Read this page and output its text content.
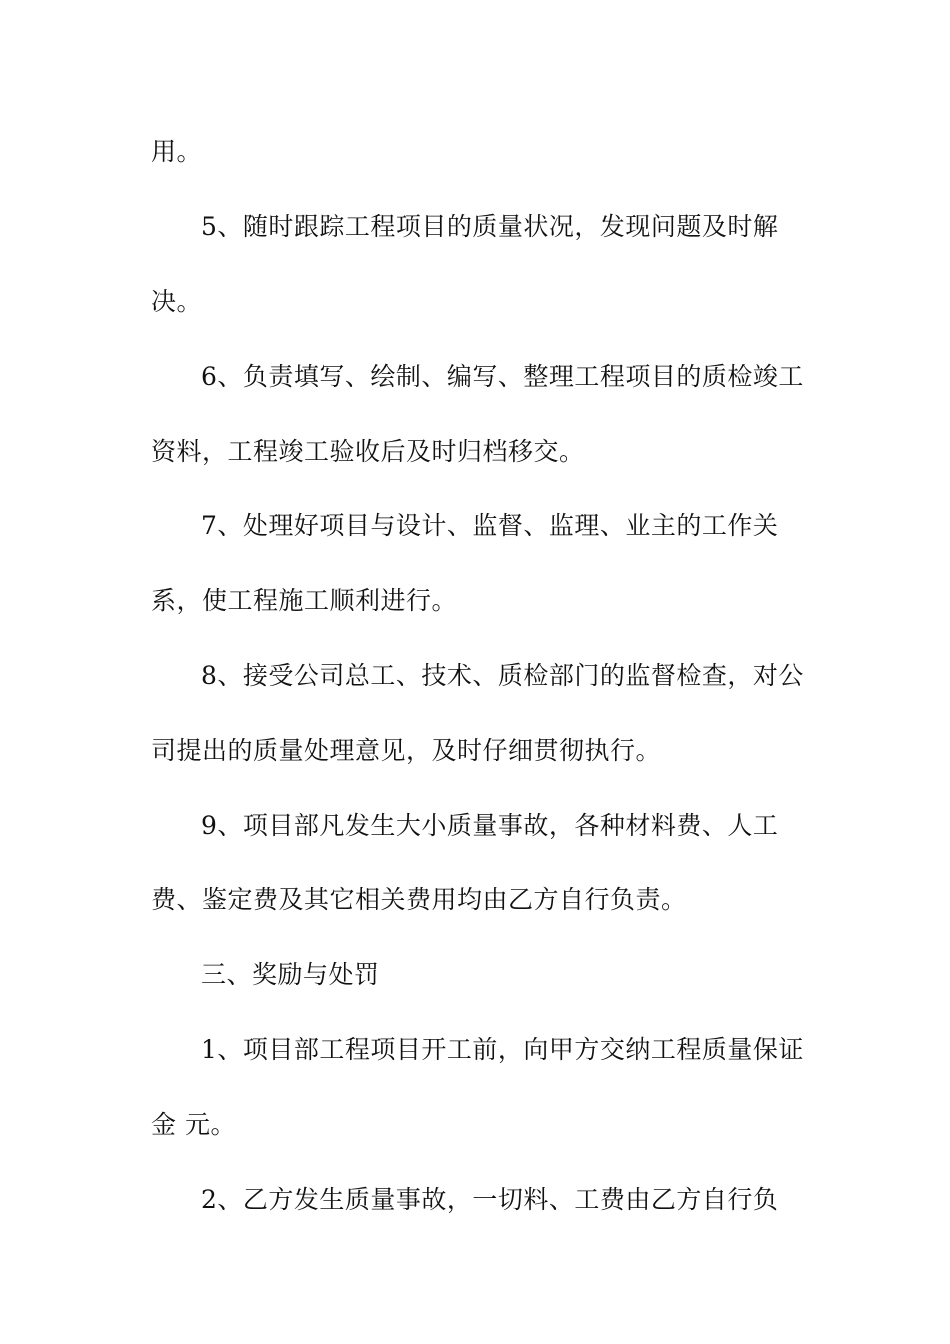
用。
5、随时跟踪工程项目的质量状况，发现问题及时解
决。
6、负责填写、绘制、编写、整理工程项目的质检竣工
资料，工程竣工验收后及时归档移交。
7、处理好项目与设计、监督、监理、业主的工作关
系，使工程施工顺利进行。
8、接受公司总工、技术、质检部门的监督检查，对公
司提出的质量处理意见，及时仔细贯彻执行。
9、项目部凡发生大小质量事故，各种材料费、人工
费、鉴定费及其它相关费用均由乙方自行负责。
三、奖励与处罚
1、项目部工程项目开工前，向甲方交纳工程质量保证
金 元。
2、乙方发生质量事故，一切料、工费由乙方自行负
